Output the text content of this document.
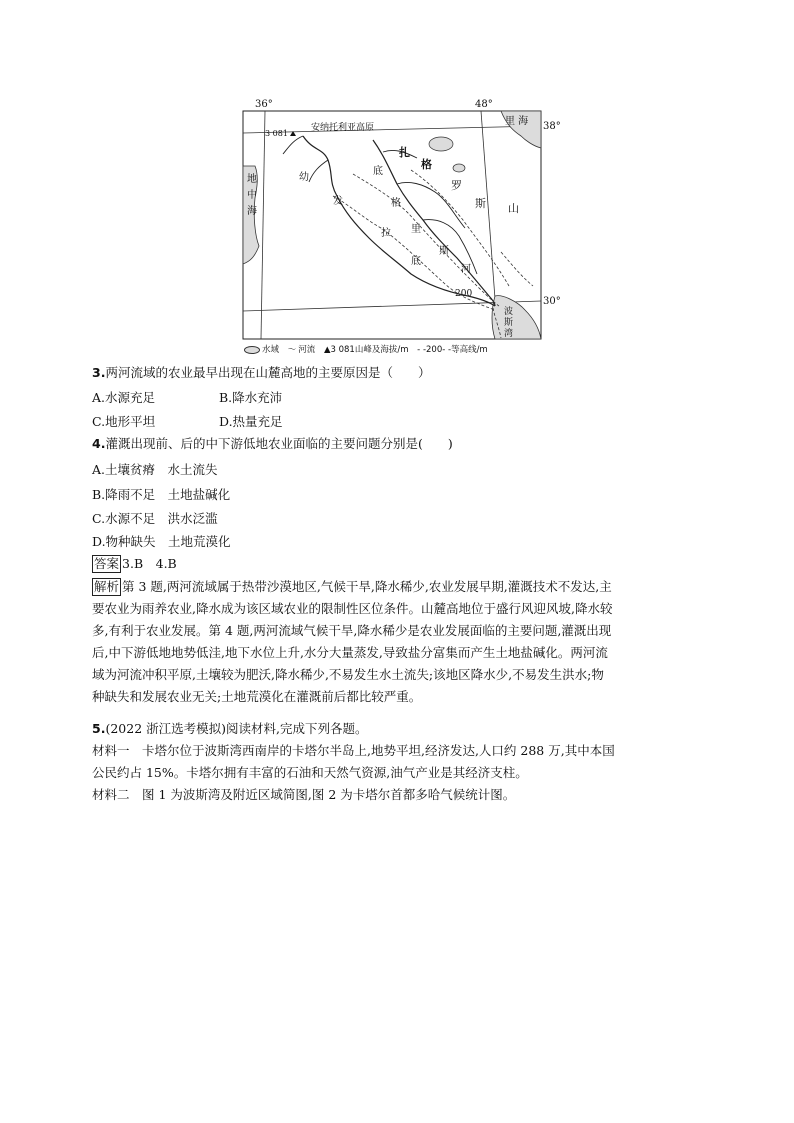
36°	48°
38°
30°
里 海
安纳托利亚高原
3 081
地
中
海
扎
格
罗
斯 山
幼
发
拉
底
底
格
里
斯
河
200
波
斯
湾
水域 〜 河流 ▲3 081山峰及海拔/m - -200- -等高线/m

3.两河流域的农业最早出现在山麓高地的主要原因是（　　）

A.水源充足	B.降水充沛
C.地形平坦	D.热量充足

4.灌溉出现前、后的中下游低地农业面临的主要问题分别是(　　)

A.土壤贫瘠　水土流失
B.降雨不足　土地盐碱化
C.水源不足　洪水泛滥
D.物种缺失　土地荒漠化
答案 3.B　4.B

解析 第 3 题,两河流域属于热带沙漠地区,气候干旱,降水稀少,农业发展早期,灌溉技术不发达,主

要农业为雨养农业,降水成为该区域农业的限制性区位条件。山麓高地位于盛行风迎风坡,降水较

多,有利于农业发展。第 4 题,两河流域气候干旱,降水稀少是农业发展面临的主要问题,灌溉出现

后,中下游低地地势低洼,地下水位上升,水分大量蒸发,导致盐分富集而产生土地盐碱化。两河流

域为河流冲积平原,土壤较为肥沃,降水稀少,不易发生水土流失;该地区降水少,不易发生洪水;物

种缺失和发展农业无关;土地荒漠化在灌溉前后都比较严重。

5.(2022 浙江选考模拟)阅读材料,完成下列各题。

材料一　卡塔尔位于波斯湾西南岸的卡塔尔半岛上,地势平坦,经济发达,人口约 288 万,其中本国

公民约占 15%。卡塔尔拥有丰富的石油和天然气资源,油气产业是其经济支柱。

材料二　图 1 为波斯湾及附近区域简图,图 2 为卡塔尔首都多哈气候统计图。
